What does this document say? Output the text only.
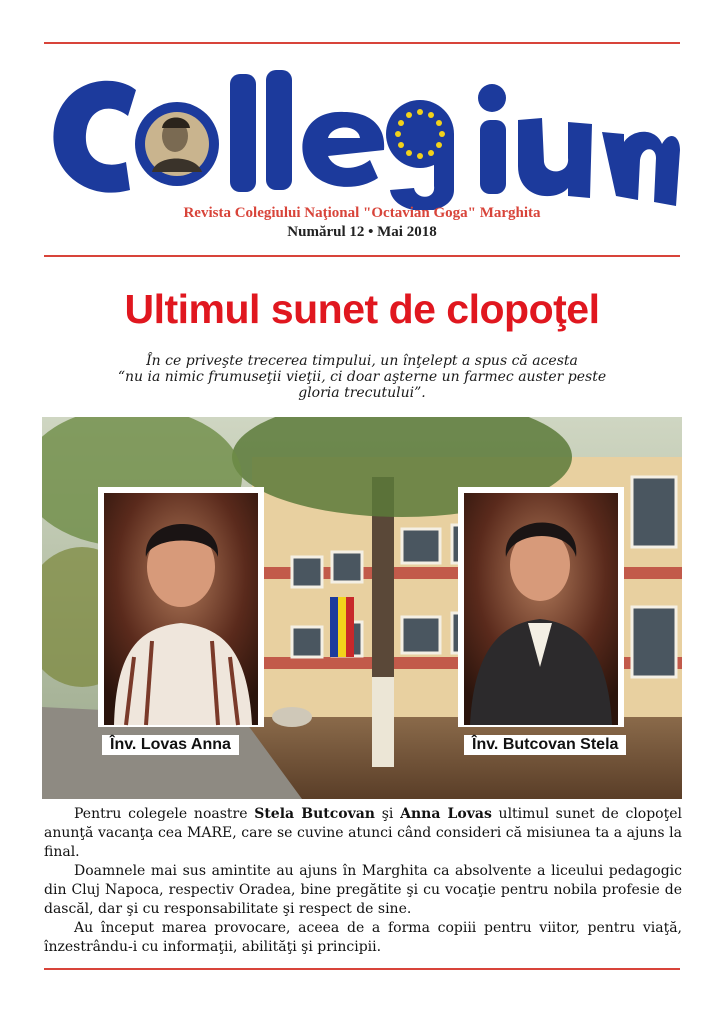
Revista Colegiului Naţional "Octavian Goga" Marghita
Numărul 12 • Mai 2018
Ultimul sunet de clopoţel
În ce priveşte trecerea timpului, un înţelept a spus că acesta
“nu ia nimic frumuseţii vieţii, ci doar aşterne un farmec auster peste
gloria trecutului”.
Înv. Lovas Anna	Înv. Butcovan Stela

Pentru colegele noastre Stela Butcovan şi Anna Lovas ultimul sunet de clopoţel anunţă vacanţa cea MARE, care se cuvine atunci când consideri că misiunea ta a ajuns la final.

Doamnele mai sus amintite au ajuns în Marghita ca absolvente a liceului pedagogic din Cluj Napoca, respectiv Oradea, bine pregătite şi cu vocaţie pentru nobila profesie de dascăl, dar şi cu responsabilitate şi respect de sine.

Au început marea provocare, aceea de a forma copiii pentru viitor, pentru viaţă, înzestrându-i cu informaţii, abilităţi şi principii.
